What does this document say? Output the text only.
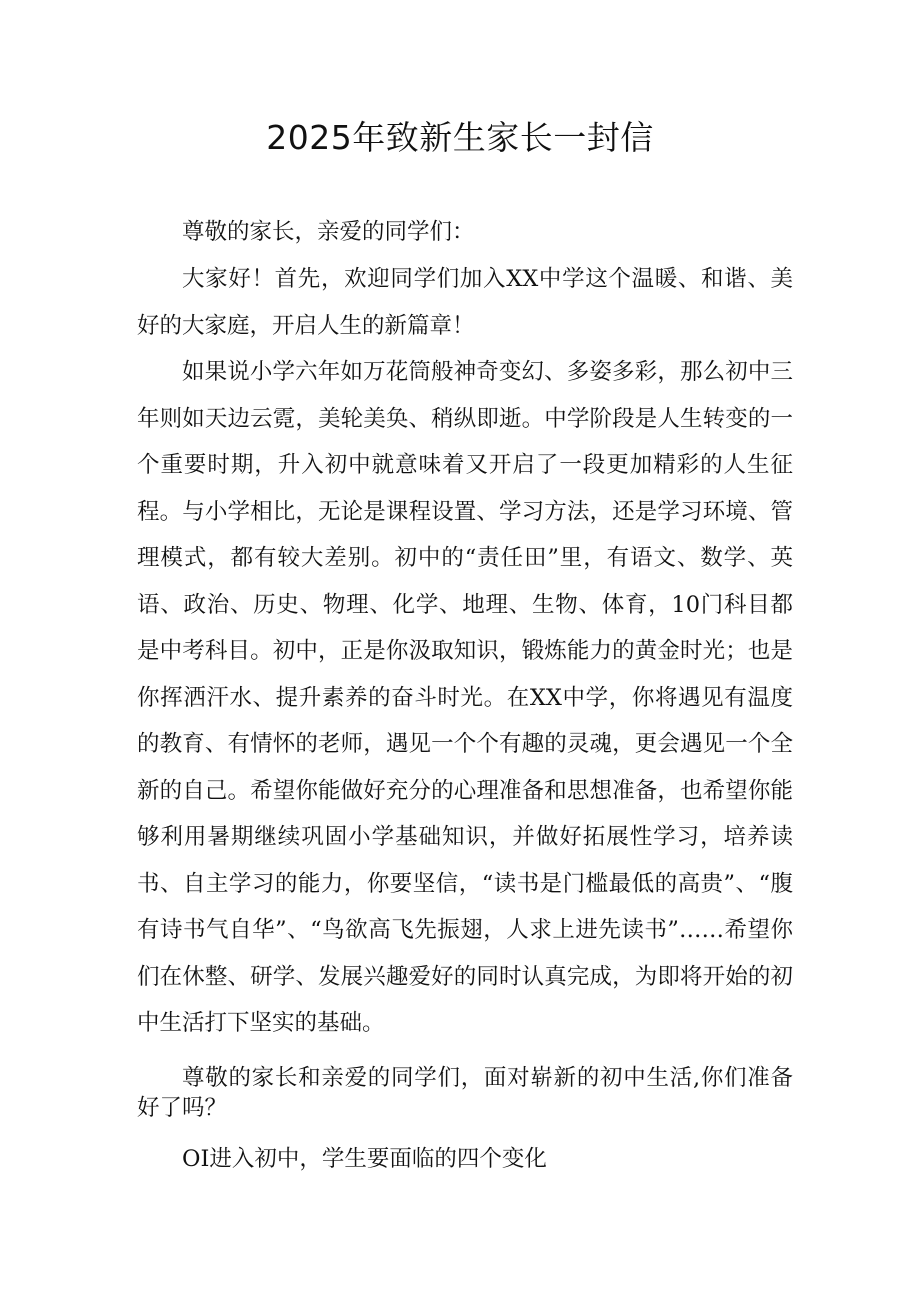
2025年致新生家长一封信

尊敬的家长，亲爱的同学们：

大家好！首先，欢迎同学们加入XX中学这个温暖、和谐、美好的大家庭，开启人生的新篇章！

如果说小学六年如万花筒般神奇变幻、多姿多彩，那么初中三年则如天边云霓，美轮美奂、稍纵即逝。中学阶段是人生转变的一个重要时期，升入初中就意味着又开启了一段更加精彩的人生征程。与小学相比，无论是课程设置、学习方法，还是学习环境、管理模式，都有较大差别。初中的“责任田”里，有语文、数学、英语、政治、历史、物理、化学、地理、生物、体育，10门科目都是中考科目。初中，正是你汲取知识，锻炼能力的黄金时光；也是你挥洒汗水、提升素养的奋斗时光。在XX中学，你将遇见有温度的教育、有情怀的老师，遇见一个个有趣的灵魂，更会遇见一个全新的自己。希望你能做好充分的心理准备和思想准备，也希望你能够利用暑期继续巩固小学基础知识，并做好拓展性学习，培养读书、自主学习的能力，你要坚信，“读书是门槛最低的高贵”、“腹有诗书气自华”、“鸟欲高飞先振翅，人求上进先读书”……希望你们在休整、研学、发展兴趣爱好的同时认真完成，为即将开始的初中生活打下坚实的基础。

尊敬的家长和亲爱的同学们，面对崭新的初中生活,你们准备好了吗？

OI进入初中，学生要面临的四个变化
